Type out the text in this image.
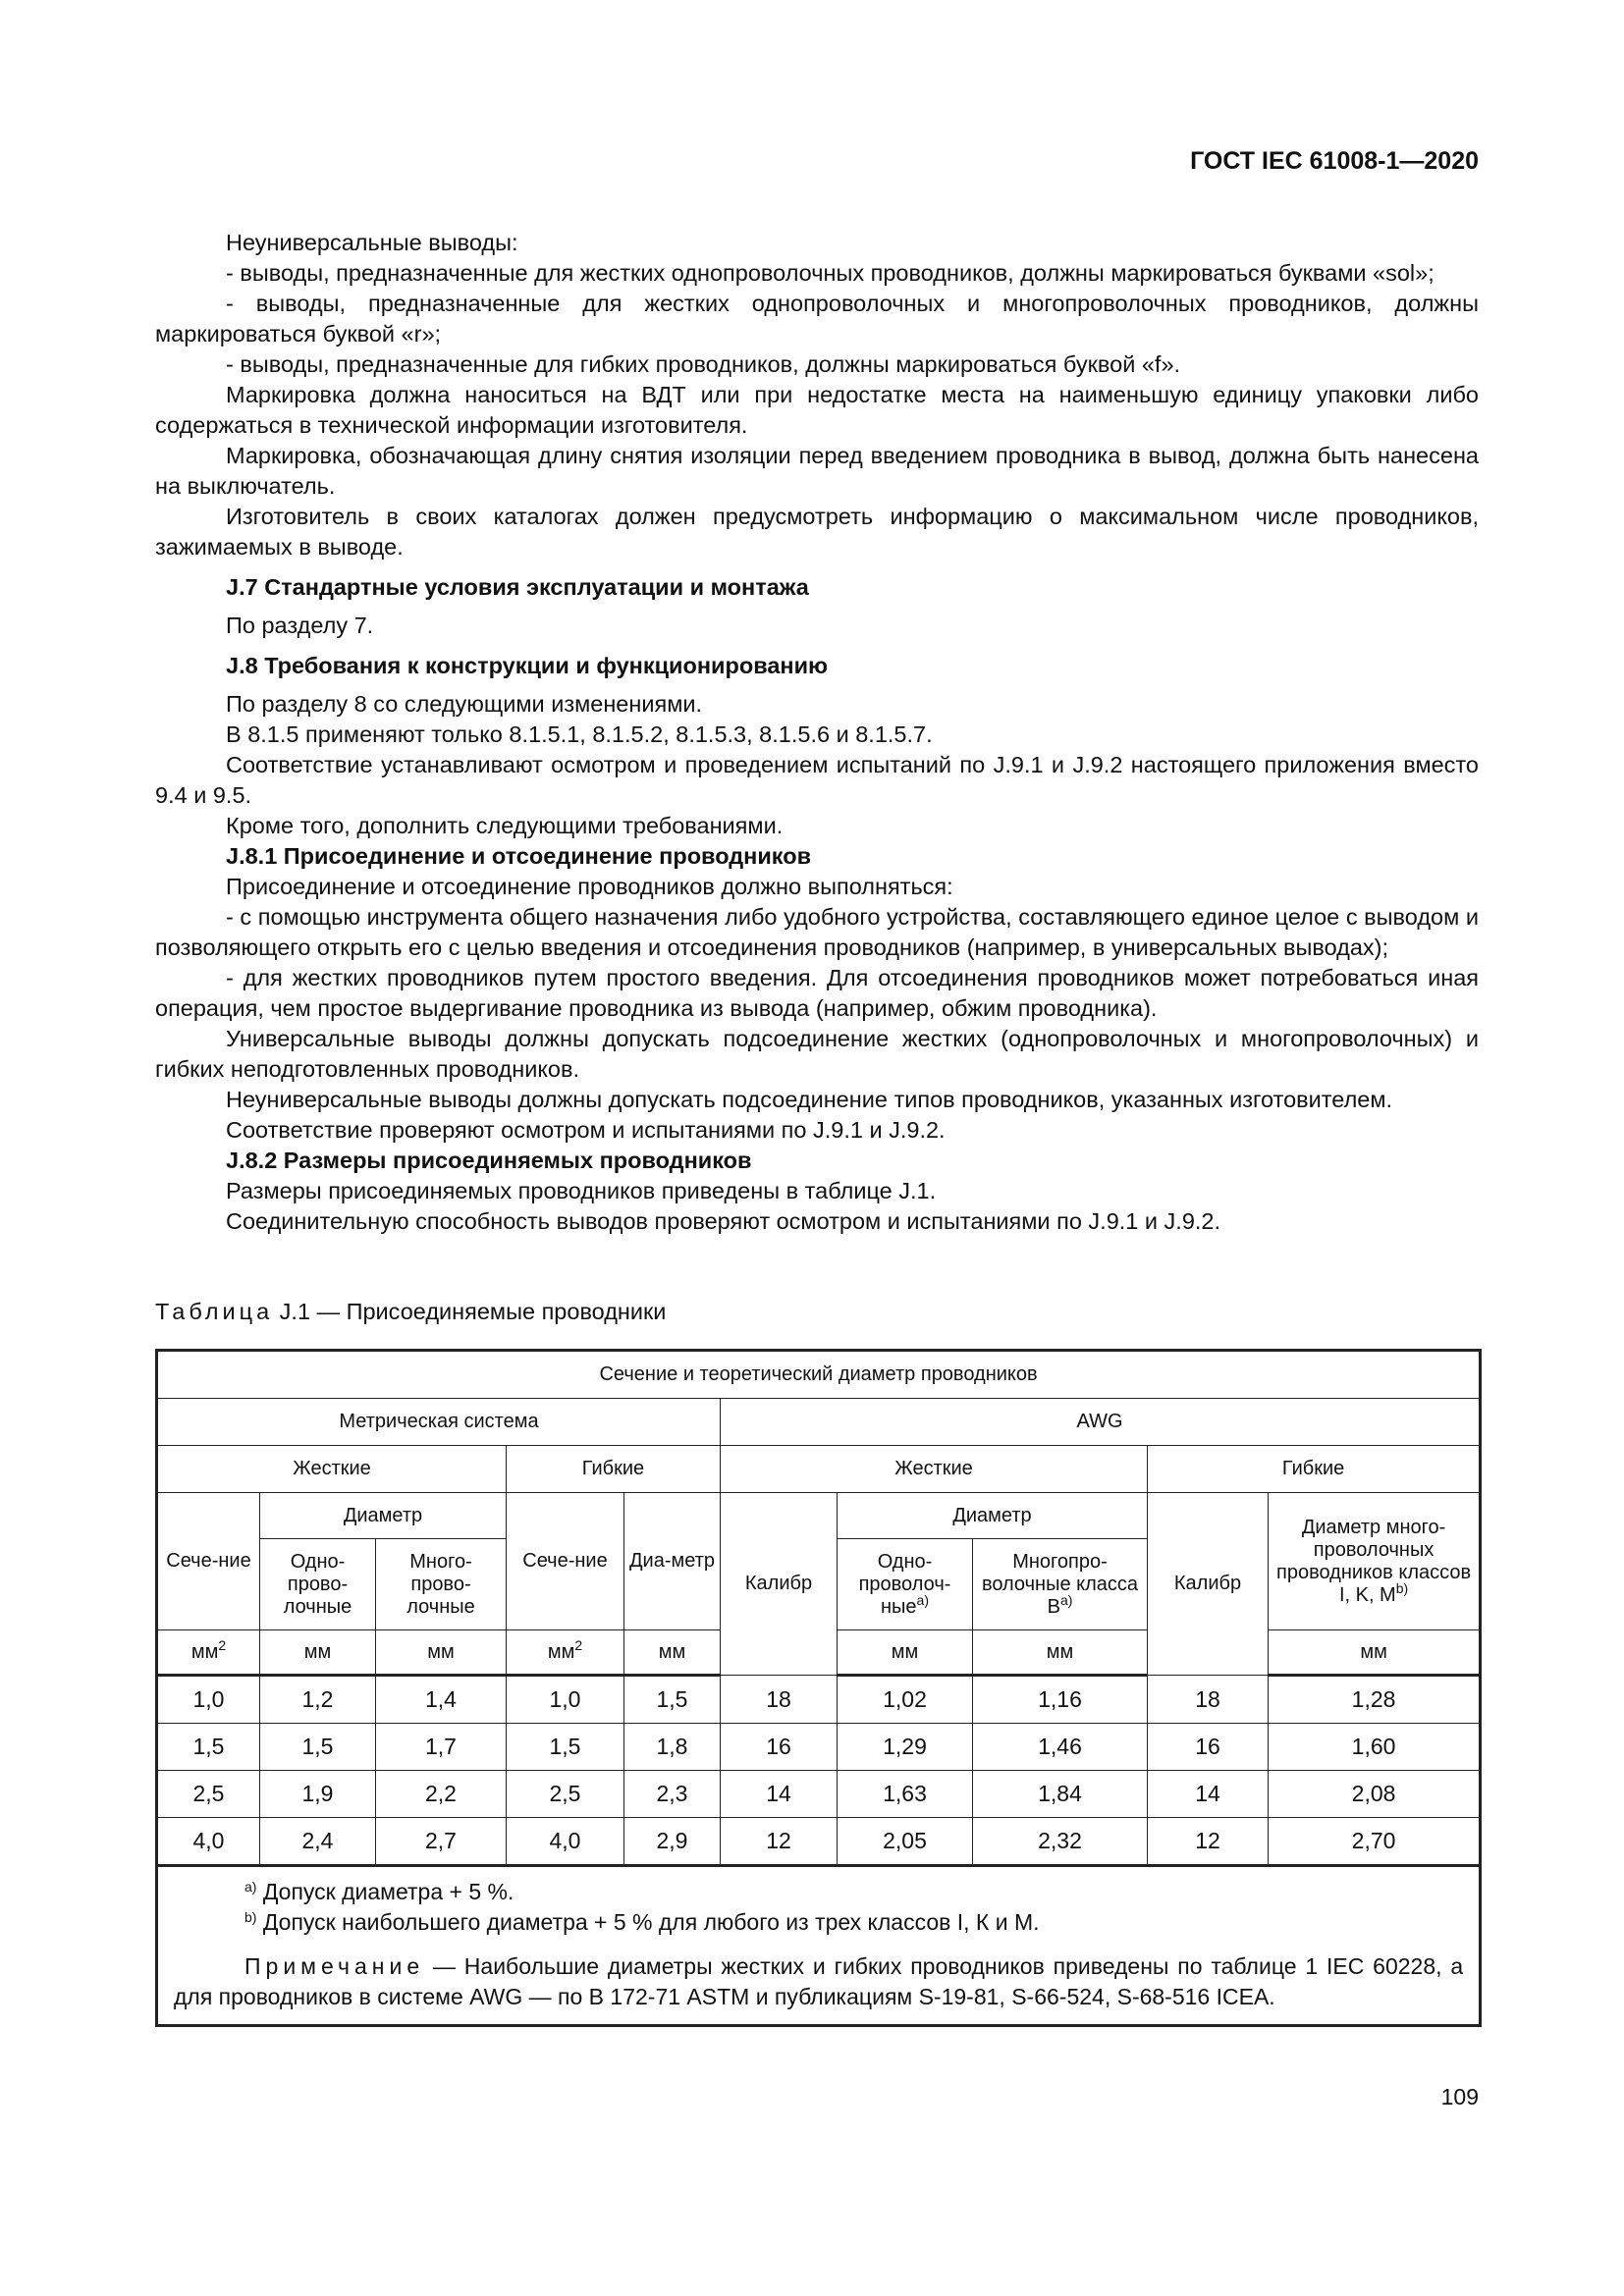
ГОСТ IEC 61008-1—2020

Неуниверсальные выводы:

- выводы, предназначенные для жестких однопроволочных проводников, должны маркироваться буквами «sol»;

- выводы, предназначенные для жестких однопроволочных и многопроволочных проводников, должны маркироваться буквой «r»;

- выводы, предназначенные для гибких проводников, должны маркироваться буквой «f».

Маркировка должна наноситься на ВДТ или при недостатке места на наименьшую единицу упаковки либо содержаться в технической информации изготовителя.

Маркировка, обозначающая длину снятия изоляции перед введением проводника в вывод, должна быть нанесена на выключатель.

Изготовитель в своих каталогах должен предусмотреть информацию о максимальном числе проводников, зажимаемых в выводе.

J.7 Стандартные условия эксплуатации и монтажа

По разделу 7.

J.8 Требования к конструкции и функционированию

По разделу 8 со следующими изменениями.

В 8.1.5 применяют только 8.1.5.1, 8.1.5.2, 8.1.5.3, 8.1.5.6 и 8.1.5.7.

Соответствие устанавливают осмотром и проведением испытаний по J.9.1 и J.9.2 настоящего приложения вместо 9.4 и 9.5.

Кроме того, дополнить следующими требованиями.

J.8.1 Присоединение и отсоединение проводников

Присоединение и отсоединение проводников должно выполняться:

- с помощью инструмента общего назначения либо удобного устройства, составляющего единое целое с выводом и позволяющего открыть его с целью введения и отсоединения проводников (например, в универсальных выводах);

- для жестких проводников путем простого введения. Для отсоединения проводников может потребоваться иная операция, чем простое выдергивание проводника из вывода (например, обжим проводника).

Универсальные выводы должны допускать подсоединение жестких (однопроволочных и многопроволочных) и гибких неподготовленных проводников.

Неуниверсальные выводы должны допускать подсоединение типов проводников, указанных изготовителем.

Соответствие проверяют осмотром и испытаниями по J.9.1 и J.9.2.

J.8.2 Размеры присоединяемых проводников

Размеры присоединяемых проводников приведены в таблице J.1.

Соединительную способность выводов проверяют осмотром и испытаниями по J.9.1 и J.9.2.

Таблица J.1 — Присоединяемые проводники
Сечение и теоретический диаметр проводников									
Метрическая система					AWG				
Жесткие			Гибкие		Жесткие			Гибкие	
Сече-ние	Диаметр		Сече-ние	Диа-метр	Калибр	Диаметр		Калибр	Диаметр много-проволочных проводников классов I, K, $M^{b)}$
	Одно-прово-лочные	Много-прово-лочные				Одно-проволоч-ные$^{a)}$	Многопро-волочные класса $B^{a)}$
$мм^2$	мм	мм	$мм^2$	мм		мм	мм		мм
1,0	1,2	1,4	1,0	1,5	18	1,02	1,16	18	1,28
1,5	1,5	1,7	1,5	1,8	16	1,29	1,46	16	1,60
2,5	1,9	2,2	2,5	2,3	14	1,63	1,84	14	2,08
4,0	2,4	2,7	4,0	2,9	12	2,05	2,32	12	2,70

$^{a)}$ Допуск диаметра + 5 %.
$^{b)}$ Допуск наибольшего диаметра + 5 % для любого из трех классов I, К и М.
Примечание — Наибольшие диаметры жестких и гибких проводников приведены по таблице 1 IEC 60228, а для проводников в системе AWG — по В 172-71 ASTM и публикациям S-19-81, S-66-524, S-68-516 ICEA.									
109
